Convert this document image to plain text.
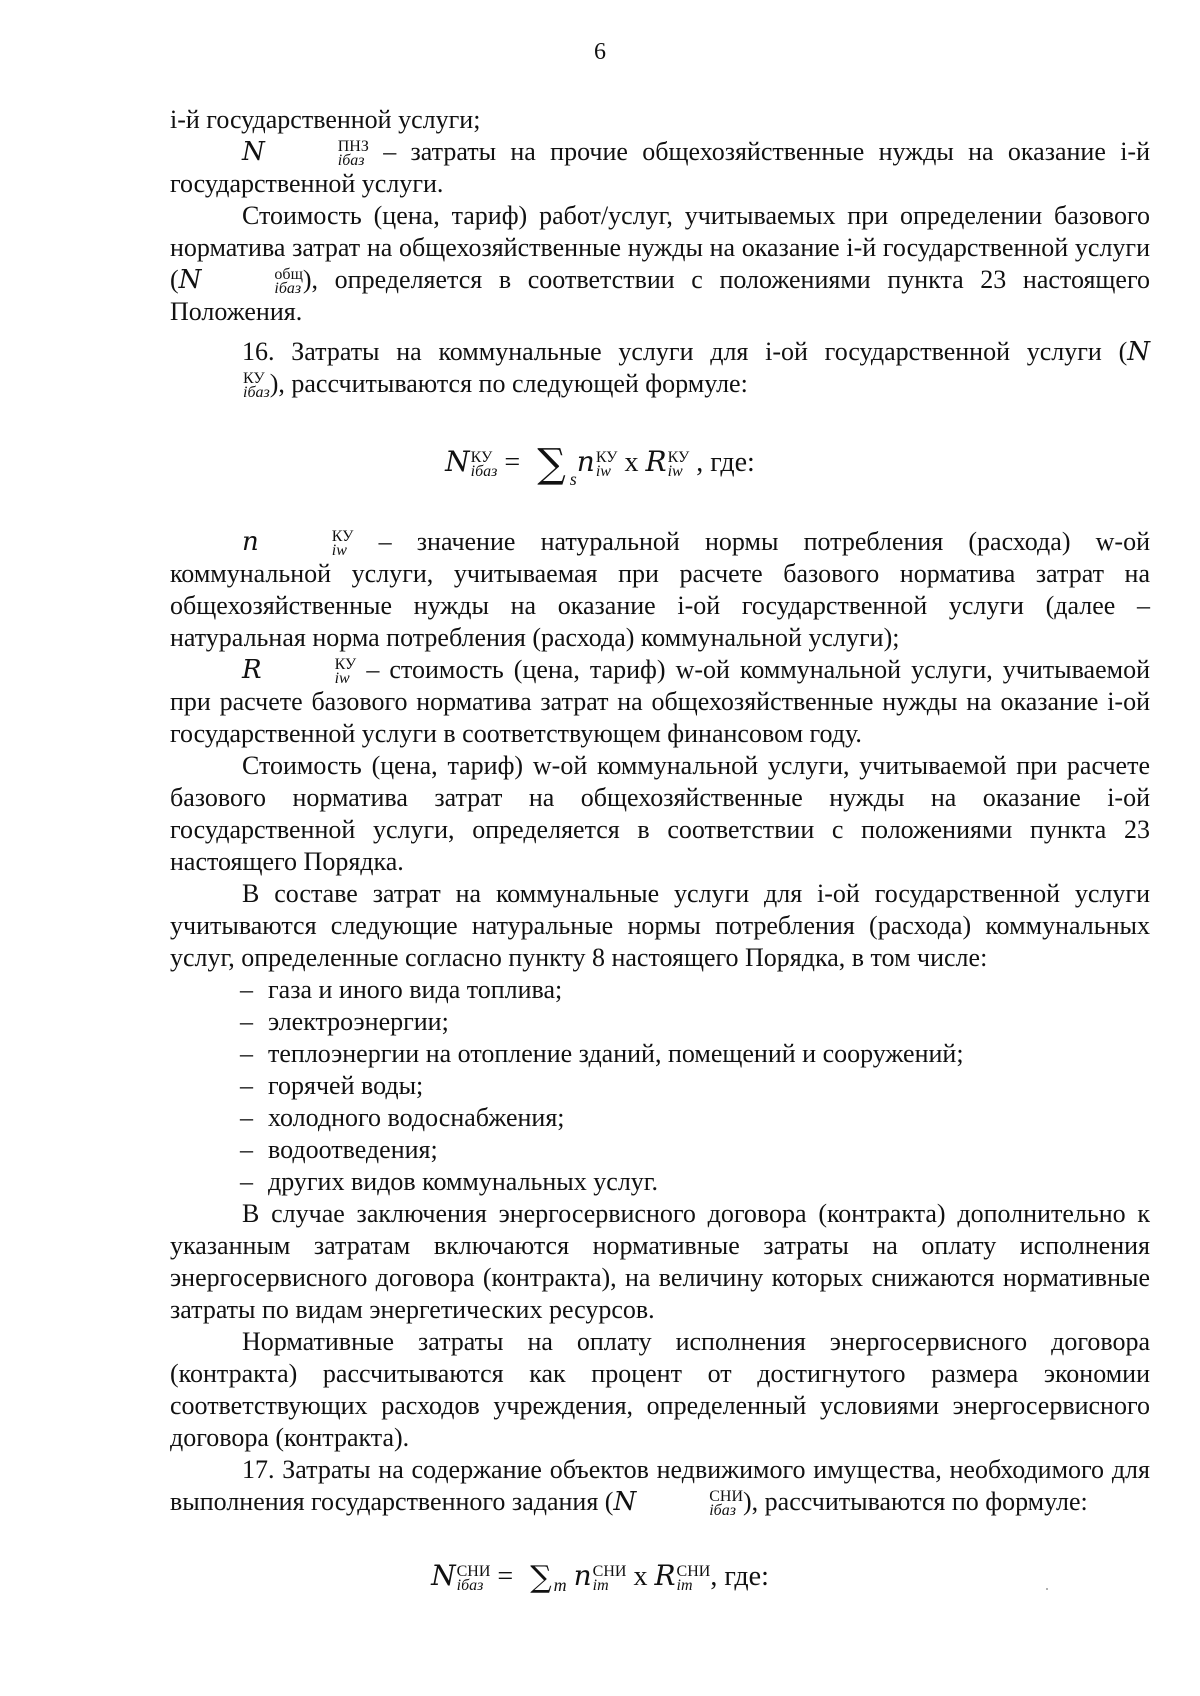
6

i-й государственной услуги;

N	ПНЗ
iбаз – затраты на прочие общехозяйственные нужды на оказание i-й государственной услуги.

Стоимость (цена, тариф) работ/услуг, учитываемых при определении базового норматива затрат на общехозяйственные нужды на оказание i-й государственной услуги (N	общ
iбаз ), определяется в соответствии с положениями пункта 23 настоящего Положения.

16. Затраты на коммунальные услуги для i-ой государственной услуги (N
КУ
iбаз ), рассчитываются по следующей формуле:

N КУ
iбаз = ∑ $_s$n КУ
iw x R КУ
iw , где:

n	КУ
iw – значение натуральной нормы потребления (расхода) w-ой коммунальной услуги, учитываемая при расчете базового норматива затрат на общехозяйственные нужды на оказание i-ой государственной услуги (далее – натуральная норма потребления (расхода) коммунальной услуги);

R	КУ
iw – стоимость (цена, тариф) w-ой коммунальной услуги, учитываемой при расчете базового норматива затрат на общехозяйственные нужды на оказание i-ой государственной услуги в соответствующем финансовом году.

Стоимость (цена, тариф) w-ой коммунальной услуги, учитываемой при расчете базового норматива затрат на общехозяйственные нужды на оказание i-ой государственной услуги, определяется в соответствии с положениями пункта 23 настоящего Порядка.

В составе затрат на коммунальные услуги для i-ой государственной услуги учитываются следующие натуральные нормы потребления (расхода) коммунальных услуг, определенные согласно пункту 8 настоящего Порядка, в том числе:

– газа и иного вида топлива;
– электроэнергии;
– теплоэнергии на отопление зданий, помещений и сооружений;
– горячей воды;
– холодного водоснабжения;
– водоотведения;
– других видов коммунальных услуг.

В случае заключения энергосервисного договора (контракта) дополнительно к указанным затратам включаются нормативные затраты на оплату исполнения энергосервисного договора (контракта), на величину которых снижаются нормативные затраты по видам энергетических ресурсов.

Нормативные затраты на оплату исполнения энергосервисного договора (контракта) рассчитываются как процент от достигнутого размера экономии соответствующих расходов учреждения, определенный условиями энергосервисного договора (контракта).

17. Затраты на содержание объектов недвижимого имущества, необходимого для выполнения государственного задания (N	СНИ
iбаз ), рассчитываются по формуле:

N СНИ
iбаз = ∑ $_m$ n СНИ
im x R СНИ
im , где:
